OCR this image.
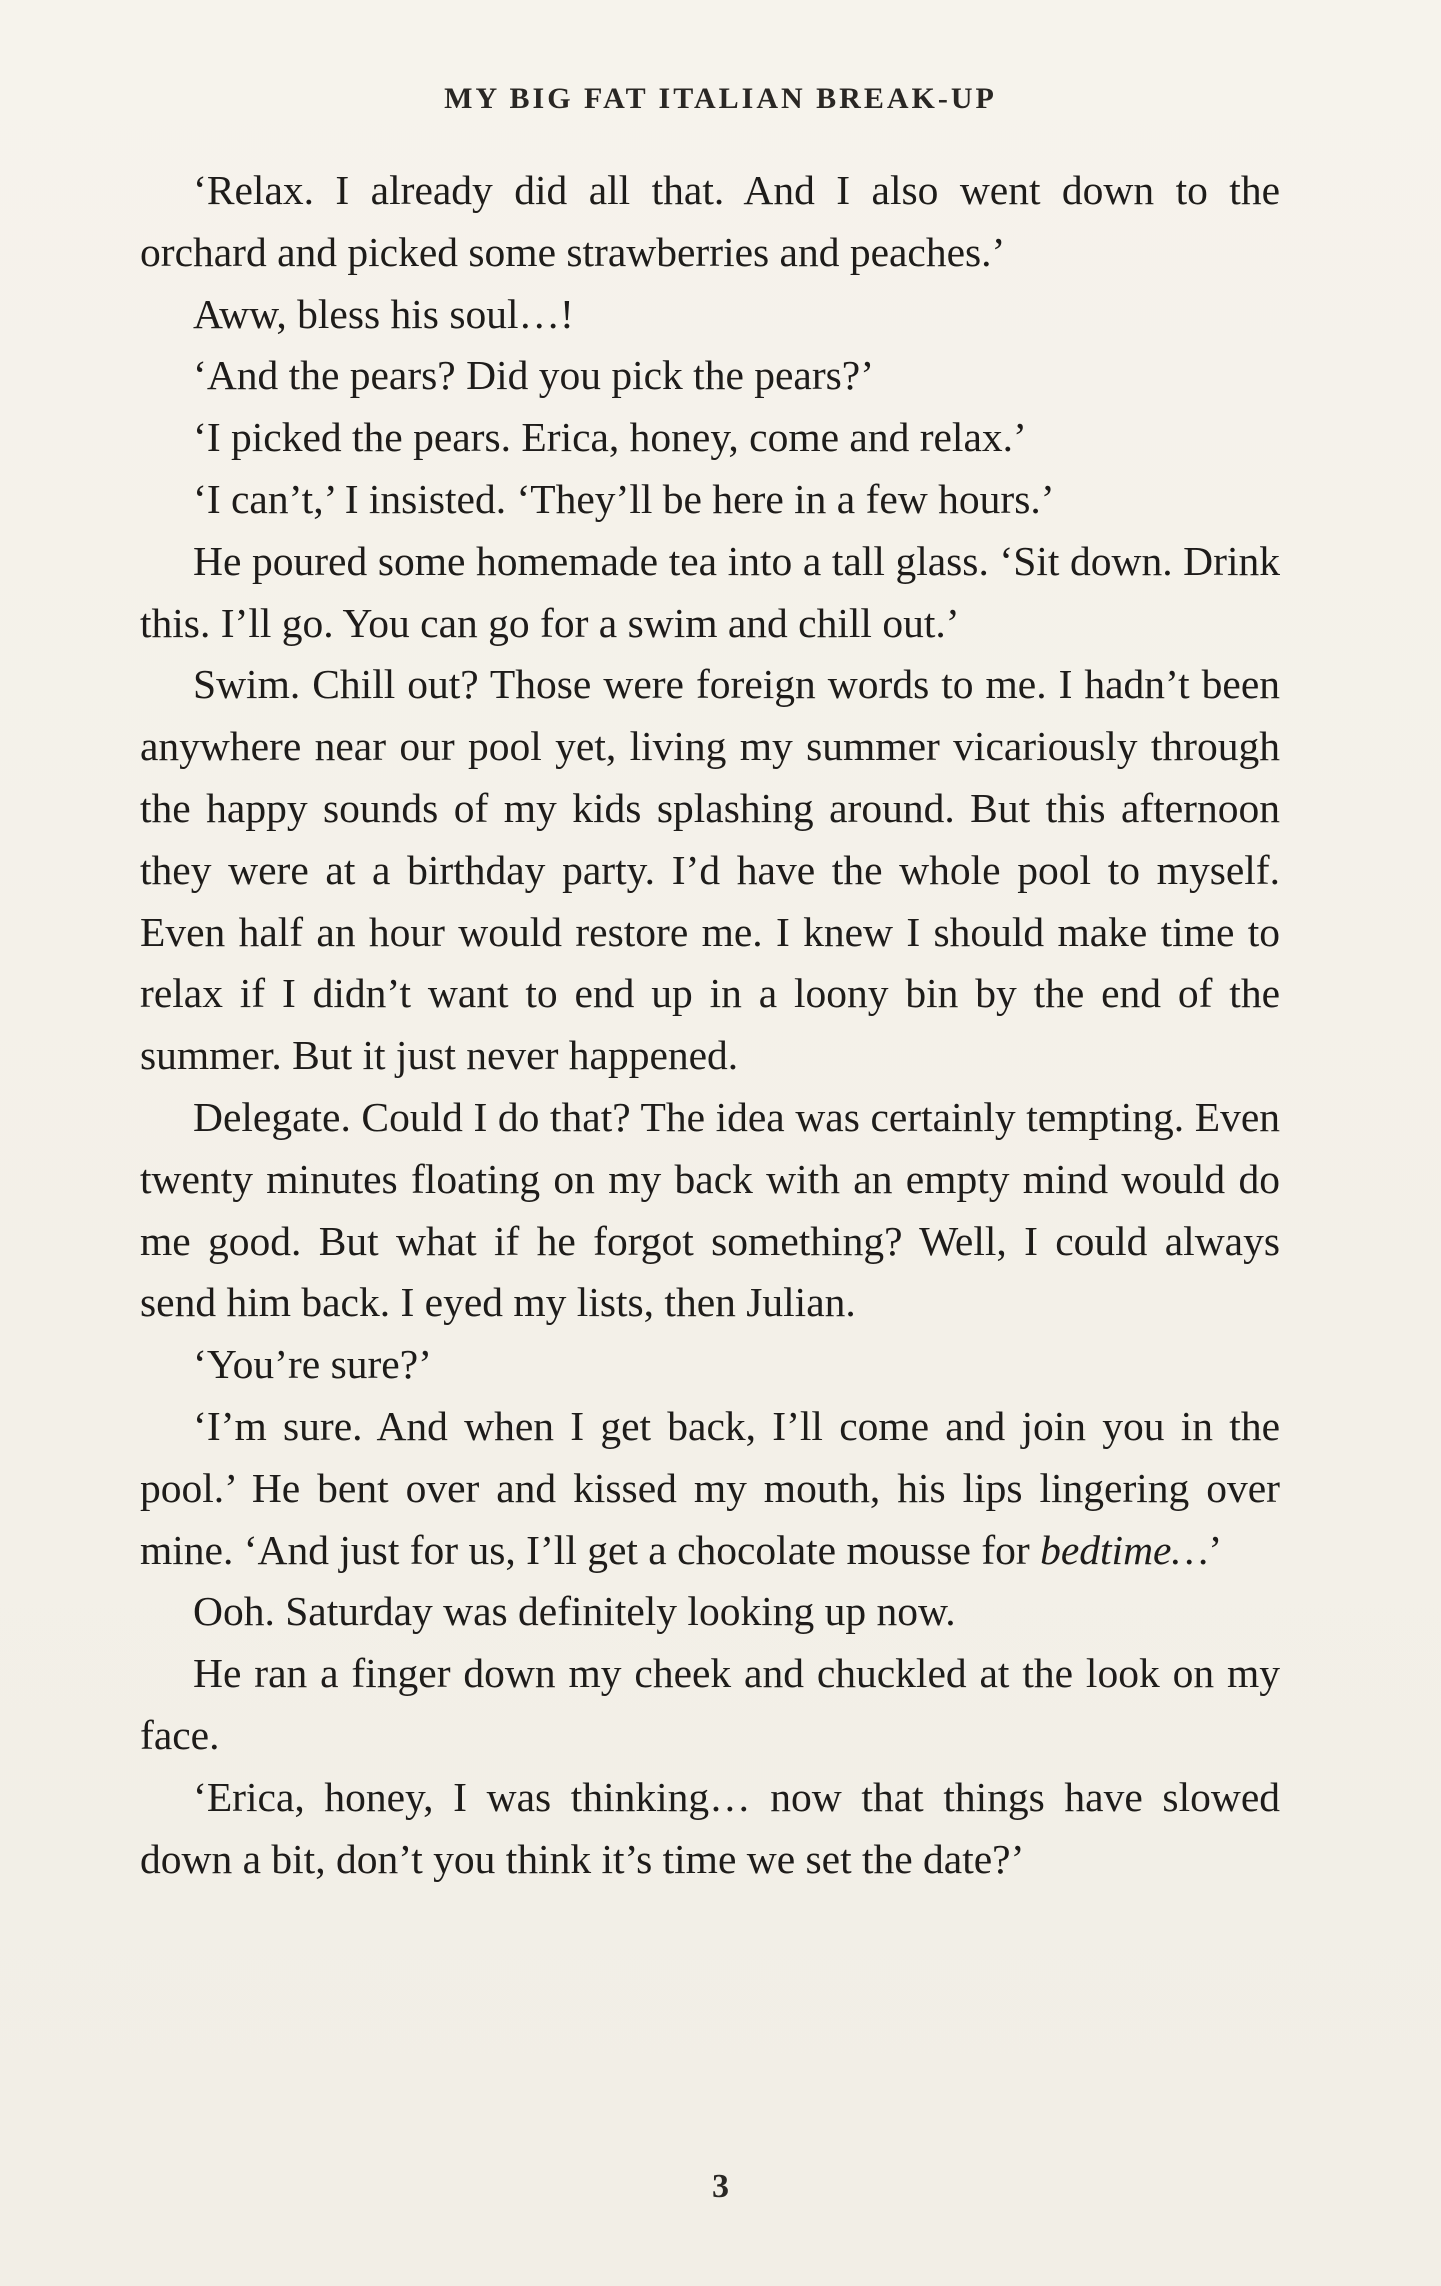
MY BIG FAT ITALIAN BREAK-UP

‘Relax. I already did all that. And I also went down to the orchard and picked some strawberries and peaches.’

Aww, bless his soul…!

‘And the pears? Did you pick the pears?’

‘I picked the pears. Erica, honey, come and relax.’

‘I can’t,’ I insisted. ‘They’ll be here in a few hours.’

He poured some homemade tea into a tall glass. ‘Sit down. Drink this. I’ll go. You can go for a swim and chill out.’

Swim. Chill out? Those were foreign words to me. I hadn’t been anywhere near our pool yet, living my summer vicariously through the happy sounds of my kids splashing around. But this afternoon they were at a birthday party. I’d have the whole pool to myself. Even half an hour would restore me. I knew I should make time to relax if I didn’t want to end up in a loony bin by the end of the summer. But it just never happened.

Delegate. Could I do that? The idea was certainly tempting. Even twenty minutes floating on my back with an empty mind would do me good. But what if he forgot something? Well, I could always send him back. I eyed my lists, then Julian.

‘You’re sure?’

‘I’m sure. And when I get back, I’ll come and join you in the pool.’ He bent over and kissed my mouth, his lips lingering over mine. ‘And just for us, I’ll get a chocolate mousse for bedtime…’

Ooh. Saturday was definitely looking up now.

He ran a finger down my cheek and chuckled at the look on my face.

‘Erica, honey, I was thinking… now that things have slowed down a bit, don’t you think it’s time we set the date?’

3
